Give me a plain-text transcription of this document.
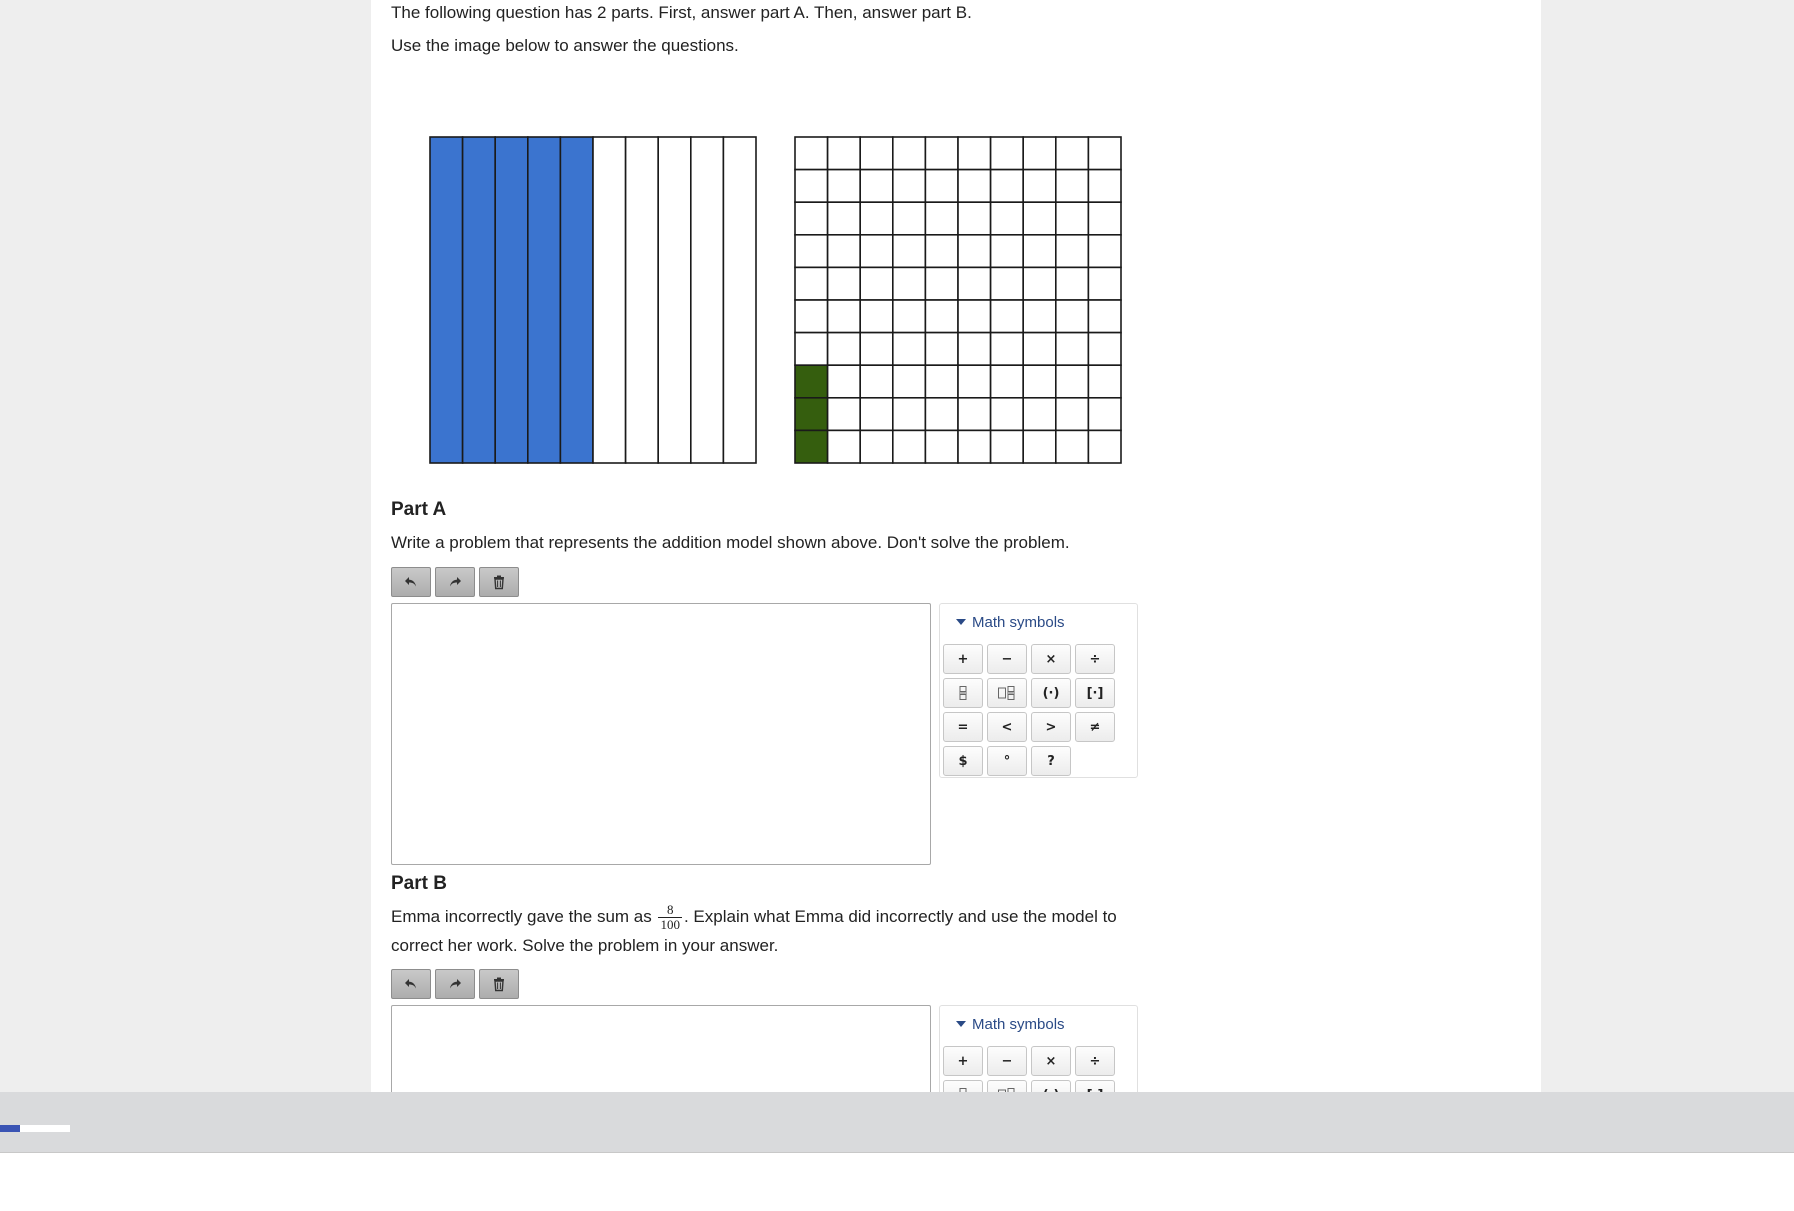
The following question has 2 parts. First, answer part A. Then, answer part B.

Use the image below to answer the questions.

Part A

Write a problem that represents the addition model shown above. Don't solve the problem.

Math symbols
+	−	×	÷
(·) [·]
=	<	>	≠
$	°	?
Part B

Emma incorrectly gave the sum as $\frac{8}{100}$ . Explain what Emma did incorrectly and use the model to correct her work. Solve the problem in your answer.

Math symbols
+	−	×	÷
